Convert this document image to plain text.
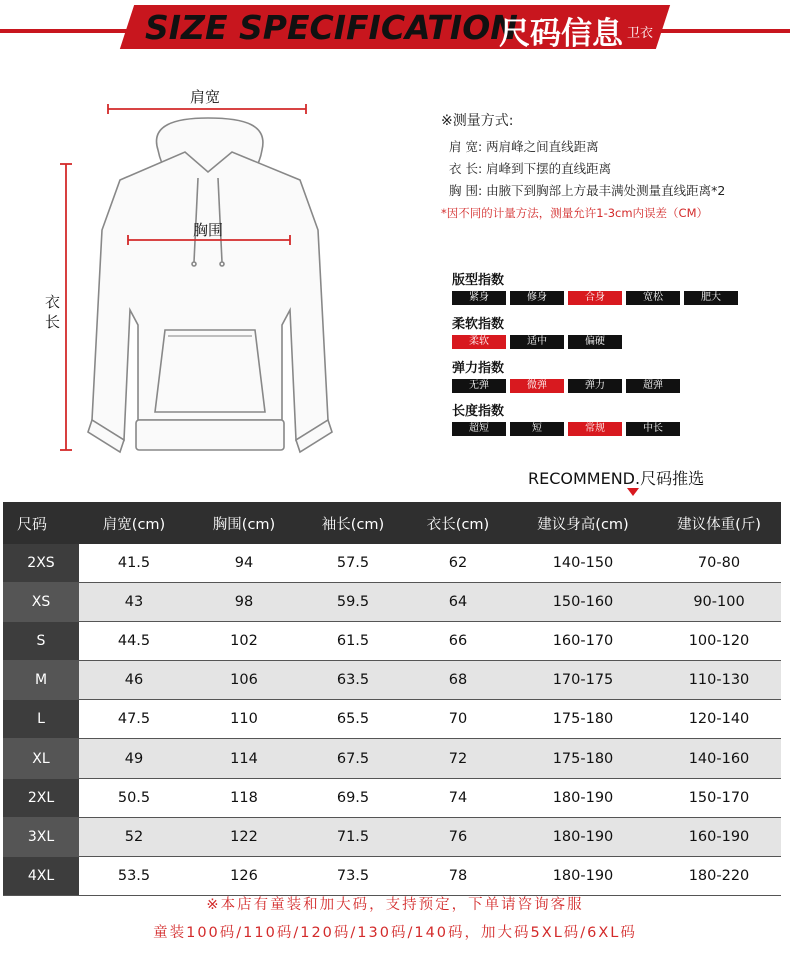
SIZE SPECIFICATION
尺码信息 卫衣
肩宽
胸围
衣长
※测量方式:
肩 宽: 两肩峰之间直线距离
衣 长: 肩峰到下摆的直线距离
胸 围: 由腋下到胸部上方最丰满处测量直线距离*2
*因不同的计量方法，测量允许1-3cm内误差（CM）
版型指数
紧身	修身	合身	宽松	肥大
柔软指数
柔软	适中	偏硬
弹力指数
无弹	微弹	弹力	超弹
长度指数
超短	短	常规	中长
RECOMMEND.尺码推选
尺码	肩宽(cm)	胸围(cm)	袖长(cm)	衣长(cm)	建议身高(cm)	建议体重(斤)
2XS	41.5	94	57.5	62	140-150	70-80
XS	43	98	59.5	64	150-160	90-100
S	44.5	102	61.5	66	160-170	100-120
M	46	106	63.5	68	170-175	110-130
L	47.5	110	65.5	70	175-180	120-140
XL	49	114	67.5	72	175-180	140-160
2XL	50.5	118	69.5	74	180-190	150-170
3XL	52	122	71.5	76	180-190	160-190
4XL	53.5	126	73.5	78	180-190	180-220
※本店有童装和加大码，支持预定，下单请咨询客服
童装100码/110码/120码/130码/140码，加大码5XL码/6XL码
